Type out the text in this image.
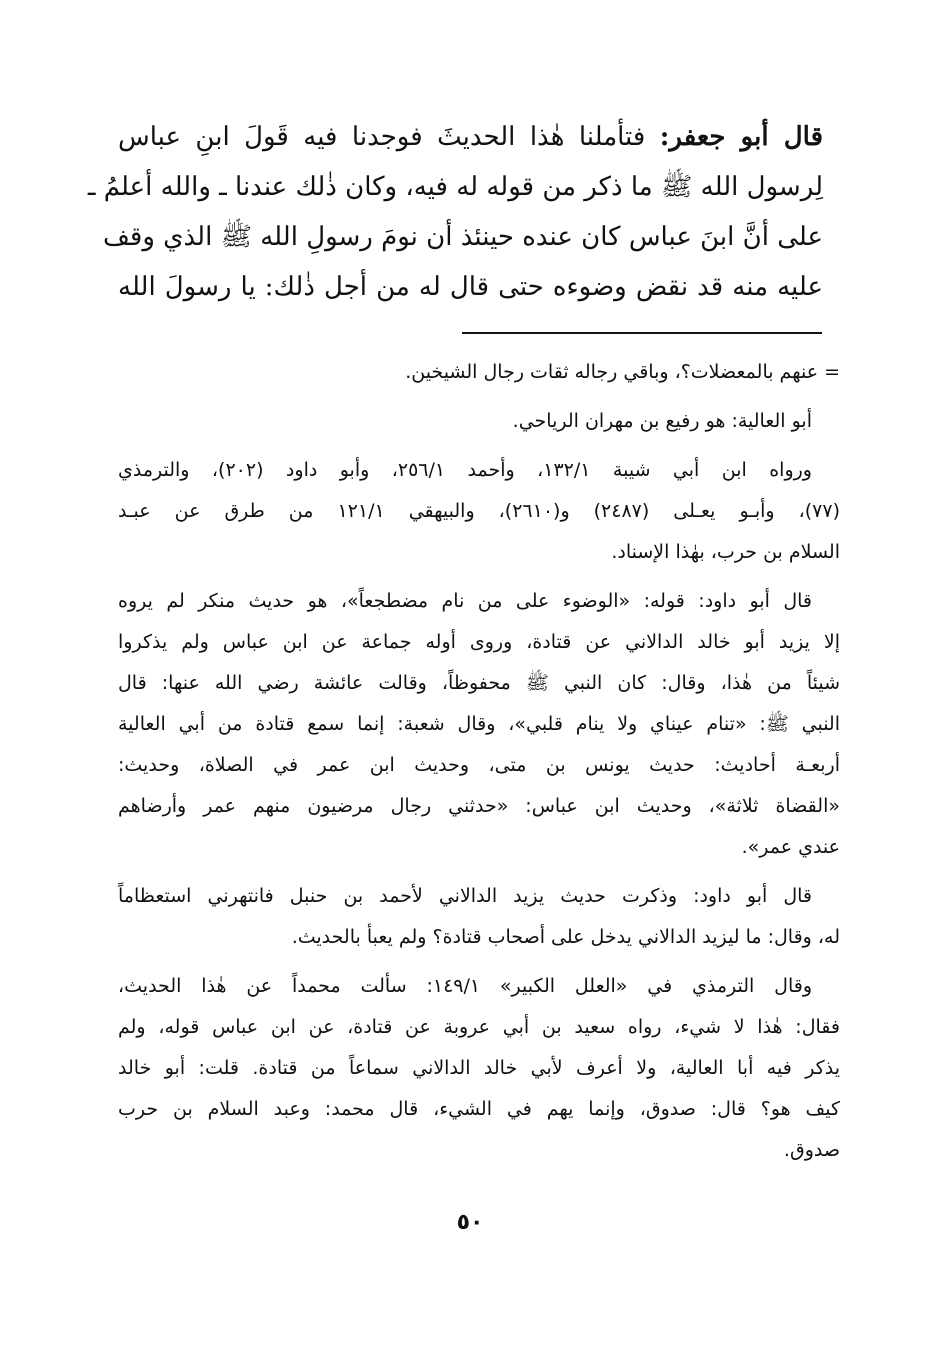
قال أبو جعفر: فتأملنا هٰذا الحديثَ فوجدنا فيه قَولَ ابنِ عباس
لِرسول الله ﷺ ما ذكر من قوله له فيه، وكان ذٰلك عندنا ـ والله أعلمُ ـ
على أنَّ ابنَ عباس كان عنده حينئذ أن نومَ رسولِ الله ﷺ الذي وقف
عليه منه قد نقض وضوءه حتى قال له من أجل ذٰلك: يا رسولَ الله
= عنهم بالمعضلات؟، وباقي رجاله ثقات رجال الشيخين.
أبو العالية: هو رفيع بن مهران الرياحي.
ورواه ابن أبي شيبة ١٣٢/١، وأحمد ٢٥٦/١، وأبو داود (٢٠٢)، والترمذي
(٧٧)، وأبـو يعـلى (٢٤٨٧) و(٢٦١٠)، والبيهقي ١٢١/١ من طرق عن عبـد
السلام بن حرب، بهٰذا الإسناد.
قال أبو داود: قوله: «الوضوء على من نام مضطجعاً»، هو حديث منكر لم يروه
إلا يزيد أبو خالد الدالاني عن قتادة، وروى أوله جماعة عن ابن عباس ولم يذكروا
شيئاً من هٰذا، وقال: كان النبي ﷺ محفوظاً، وقالت عائشة رضي الله عنها: قال
النبي ﷺ: «تنام عيناي ولا ينام قلبي»، وقال شعبة: إنما سمع قتادة من أبي العالية
أربعـة أحاديث: حديث يونس بن متى، وحديث ابن عمر في الصلاة، وحديث:
«القضاة ثلاثة»، وحديث ابن عباس: «حدثني رجال مرضيون منهم عمر وأرضاهم
عندي عمر».
قال أبو داود: وذكرت حديث يزيد الدالاني لأحمد بن حنبل فانتهرني استعظاماً
له، وقال: ما ليزيد الدالاني يدخل على أصحاب قتادة؟ ولم يعبأ بالحديث.
وقال الترمذي في «العلل الكبير» ١٤٩/١: سألت محمداً عن هٰذا الحديث،
فقال: هٰذا لا شيء، رواه سعيد بن أبي عروبة عن قتادة، عن ابن عباس قوله، ولم
يذكر فيه أبا العالية، ولا أعرف لأبي خالد الدالاني سماعاً من قتادة. قلت: أبو خالد
كيف هو؟ قال: صدوق، وإنما يهم في الشيء، قال محمد: وعبد السلام بن حرب
صدوق.
٥٠
